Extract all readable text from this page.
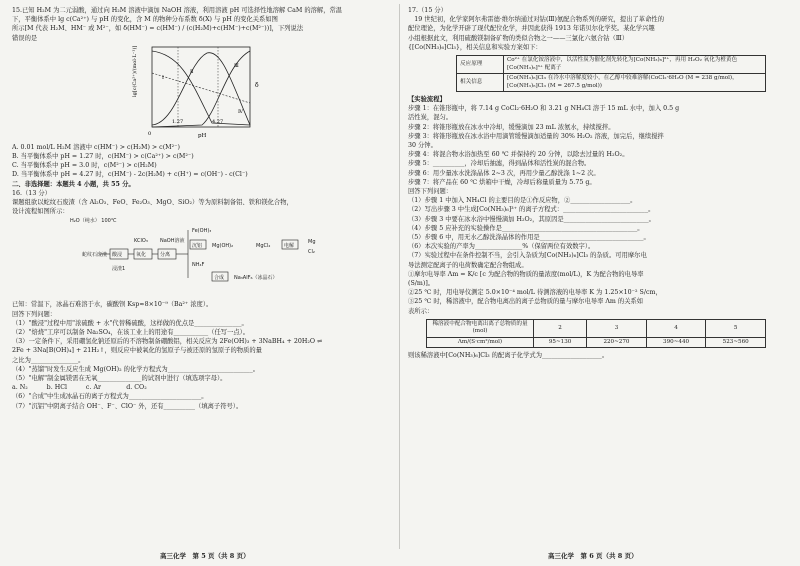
15.已知 H₂M 为二元弱酸，通过向 H₂M 溶液中滴加 NaOH 溶液，利用溶液 pH 可选择性地溶解 CaM 的溶解，常温
下，平衡体系中 lg c(Ca²⁺) 与 pH 的变化，含 M 的物种分布系数 δ(X) 与 pH 的变化关系如图
所示[M 代表 H₂M、HM⁻ 或 M²⁻，如 δ(HM⁻) = c(HM⁻) / (c(H₂M)+c(HM⁻)+c(M²⁻))]，下列说法
错误的是
lg[c(Ca²⁺)/(mol·L⁻¹)]	δ
1.27	4.27
0	pH
Ⅰ
Ⅱ
Ⅲ
Ⅳ
A. 0.01 mol/L H₂M 溶液中 c(HM⁻) > c(H₂M) > c(M²⁻)
B. 当平衡体系中 pH = 1.27 时，c(HM⁻) > c(Ca²⁺) > c(M²⁻)
C. 当平衡体系中 pH = 3.0 时，c(M²⁻) > c(H₂M)
D. 当平衡体系中 pH = 4.27 时，c(HM⁻) - 2c(H₂M) + c(H⁺) = c(OH⁻) - c(Cl⁻)
二、非选择题：本题共 4 小题，共 55 分。
16.（13 分）
课题组欲以蛇纹石废渣（含 Al₂O₃、FeO、Fe₂O₃、MgO、SiO₂）等为原料制备铝、铁和镁化合物，
设计流程如图所示：
H₂O（纯水） 100℃
蛇纹石废渣 酸浸	氧化
KClO₃
分离
NaOH溶液
浸渣1
Fe(OH)₃
沉铝 Mg(OH)₂	MgCl₂	电解
Mg
Cl₂
NH₄F
合成 Na₃AlF₆（冰晶石）
已知：常温下，冰晶石难溶于水，碳酸钡 Ksp≈8×10⁻⁹（Ba²⁺ 浓度）。
回答下列问题：
（1）"酸浸"过程中用"浓硫酸 + 水"代替稀硫酸，这样做的优点是_______________。
（2）"焙烧"工序可以制备 Na₂SO₄，在该工业上的用途有___________（任写一点）。
（3）一定条件下，采用硼氢化钠还原后的不溶物制备硼酸铝，相关反应为 2Fe(OH)₃ + 3NaBH₄ + 20H₂O ⇌
2Fe + 3Na[B(OH)₄] + 21H₂↑，则反应中被氧化的氢原子与被还原的氢原子的物质的量
之比为_______________。
（4）"蒸馏"时发生反应生成 Mg(OH)₂ 的化学方程式为___________________________。
（5）"电解"制金属镁需在无氧______________的试剂中进行（填选项字母）。
a. N₂　　　b. HCl　　　c. Ar　　　　d. CO₂
（6）"合成"中生成冰晶石的离子方程式为_______________________。
（7）"沉铝"中阴离子结合 OH⁻、F⁻、ClO⁻ 外，还有__________（填离子符号）。
高三化学　第 5 页（共 8 页）
17.（15 分）
　19 世纪初，化学家阿尔弗雷德·维尔纳通过对钴(Ⅲ)氨配合物系列的研究，提出了革命性的
配位理论，为化学开辟了现代配位化学，并因此获得 1913 年诺贝尔化学奖。某化学兴趣
小组根据此文，利用硫酸镁制备矿物的类似合物之一——三氯化六氨合钴（Ⅲ）
{[Co(NH₃)₆]Cl₃}，相关信息和实验方案如下：
反应原理	Co²⁺ 在氯化铵溶液中，以活性炭为催化剂先转化为[Co(NH₃)₆]²⁺，再用 H₂O₂ 氧化为橙黄色[Co(NH₃)₆]³⁺ 配离子
相关信息	[Co(NH₃)₆]Cl₃ 在冷水中溶解度较小，在乙醇中较难溶解(CoCl₂·6H₂O (M = 238 g/mol)，[Co(NH₃)₆]Cl₃ (M = 267.5 g/mol))
【实验流程】
步骤 1：在锥形瓶中，将 7.14 g CoCl₂·6H₂O 和 3.21 g NH₄Cl 溶于 15 mL 水中，加入 0.5 g
活性炭，混匀。
步骤 2：将锥形瓶放在冰水中冷却，缓慢滴加 23 mL 浓氨水，持续搅拌。
步骤 3：将锥形瓶放在冰水浴中用滴管缓慢滴加适量的 30% H₂O₂ 溶液，加完后，继续搅拌
30 分钟。
步骤 4：将混合物水浴加热至 60 ℃ 并保持约 20 分钟，以除去过量的 H₂O₂。
步骤 5：__________，冷却后抽滤，得到晶体和活性炭的混合物。
步骤 6：用少量冰水洗涤晶体 2~3 次，再用少量乙醇洗涤 1~2 次。
步骤 7：将产品在 60 ℃ 烘箱中干燥，冷却后称量质量为 5.75 g。
回答下列问题：
（1）步骤 1 中加入 NH₄Cl 的主要目的是①作反应物，②___________________。
（2）写出步骤 3 中生成[Co(NH₃)₆]³⁺ 的离子方程式：___________________________。
（3）步骤 3 中要在冰水浴中慢慢滴加 H₂O₂，其原因是___________________________。
（4）步骤 5 应补充的实验操作是___________________________________________。
（5）步骤 6 中，用无水乙醇洗涤晶体的作用是_________________________________。
（6）本次实验的产率为_______________%（保留两位有效数字）。
（7）实验过程中在条件控制不当，会引入杂质为[Co(NH₃)₆]Cl₃ 的杂质。可用摩尔电
导法测定配离子的电荷数确定配合物组成。
①摩尔电导率 Λm = K/c [c 为配合物的物质的量浓度(mol/L)，K 为配合物的电导率
(S/m)]。
②25 ℃ 时，用电导仪测定 5.0×10⁻⁴ mol/L 待测溶液的电导率 K 为 1.25×10⁻² S/cm，
③25 ℃ 时，稀溶液中，配合物电离出的离子总物质的量与摩尔电导率 Λm 的关系如
表所示：
稀溶液中配合物电离出离子总物质的量(mol)	2	3	4	5
Λm/(S·cm²/mol)	95~130	220~270	390~440	523~560
则该稀溶液中[Co(NH₃)₆]Cl₃ 的配离子化学式为___________________。
高三化学　第 6 页（共 8 页）
